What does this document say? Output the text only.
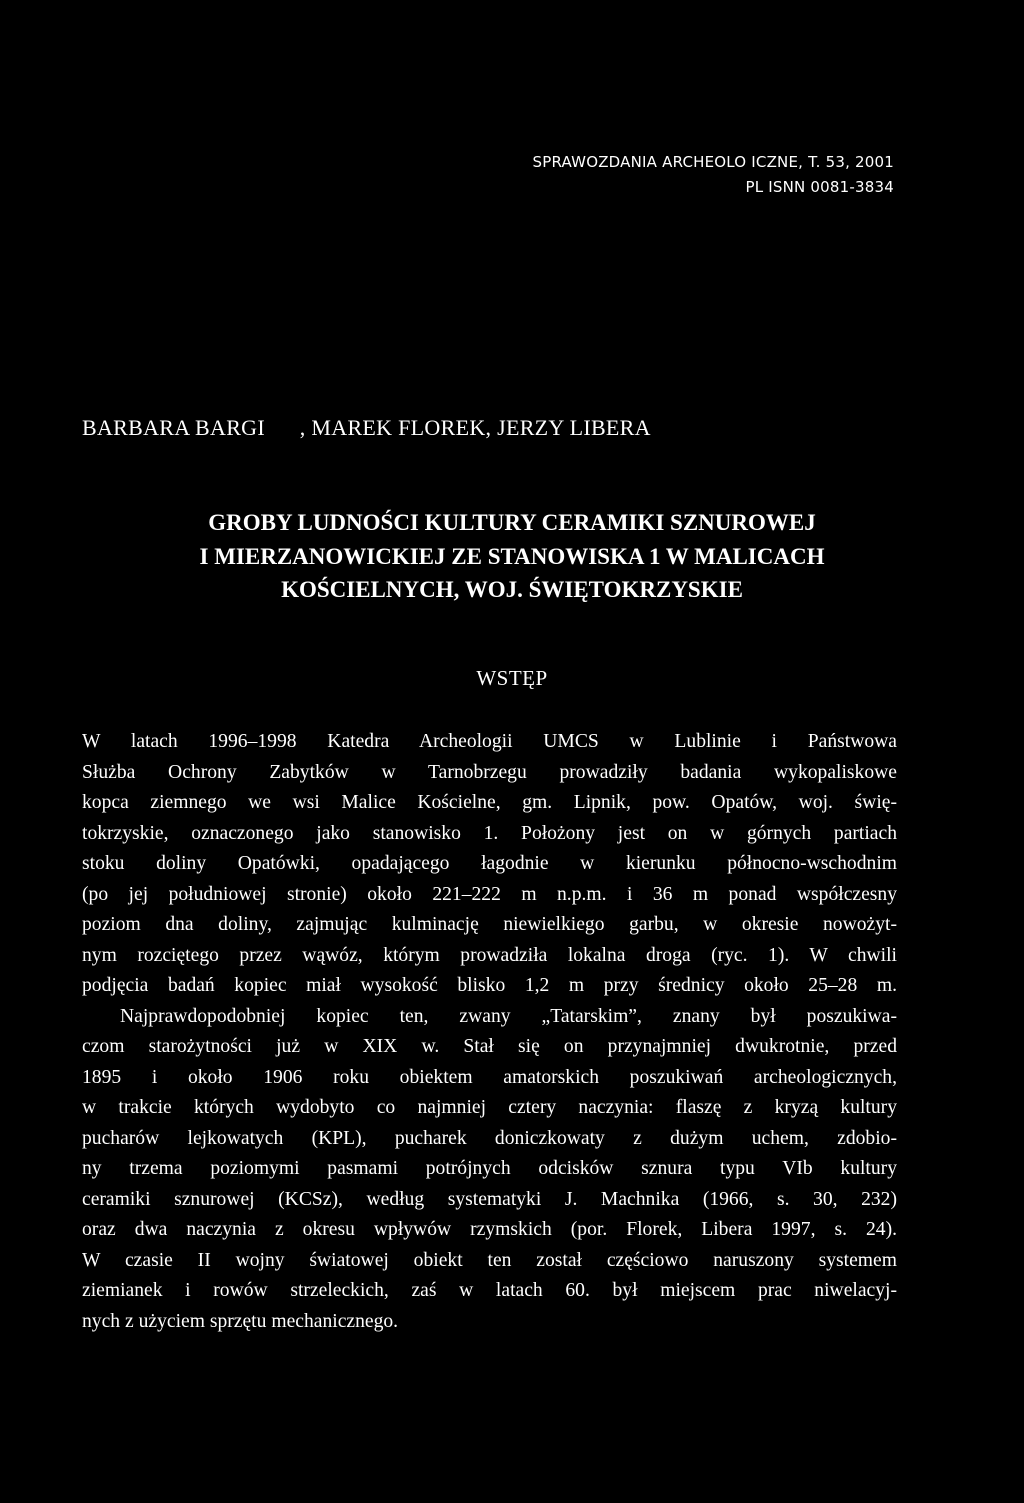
SPRAWOZDANIA ARCHEOLO ICZNE, T. 53, 2001
PL ISNN 0081-3834
BARBARA BARGI      , MAREK FLOREK, JERZY LIBERA
GROBY LUDNOŚCI KULTURY CERAMIKI SZNUROWEJ
I MIERZANOWICKIEJ ZE STANOWISKA 1 W MALICACH
KOŚCIELNYCH, WOJ. ŚWIĘTOKRZYSKIE
WSTĘP
W latach 1996–1998 Katedra Archeologii UMCS w Lublinie i Państwowa
Służba Ochrony Zabytków w Tarnobrzegu prowadziły badania wykopaliskowe
kopca ziemnego we wsi Malice Kościelne, gm. Lipnik, pow. Opatów, woj. świę-
tokrzyskie, oznaczonego jako stanowisko 1. Położony jest on w górnych partiach
stoku doliny Opatówki, opadającego łagodnie w kierunku północno-wschodnim
(po jej południowej stronie) około 221–222 m n.p.m. i 36 m ponad współczesny
poziom dna doliny, zajmując kulminację niewielkiego garbu, w okresie nowożyt-
nym rozciętego przez wąwóz, którym prowadziła lokalna droga (ryc. 1). W chwili
podjęcia badań kopiec miał wysokość blisko 1,2 m przy średnicy około 25–28 m.
Najprawdopodobniej kopiec ten, zwany „Tatarskim”, znany był poszukiwa-
czom starożytności już w XIX w. Stał się on przynajmniej dwukrotnie, przed
1895 i około 1906 roku obiektem amatorskich poszukiwań archeologicznych,
w trakcie których wydobyto co najmniej cztery naczynia: flaszę z kryzą kultury
pucharów lejkowatych (KPL), pucharek doniczkowaty z dużym uchem, zdobio-
ny trzema poziomymi pasmami potrójnych odcisków sznura typu VIb kultury
ceramiki sznurowej (KCSz), według systematyki J. Machnika (1966, s. 30, 232)
oraz dwa naczynia z okresu wpływów rzymskich (por. Florek, Libera 1997, s. 24).
W czasie II wojny światowej obiekt ten został częściowo naruszony systemem
ziemianek i rowów strzeleckich, zaś w latach 60. był miejscem prac niwelacyj-
nych z użyciem sprzętu mechanicznego.
